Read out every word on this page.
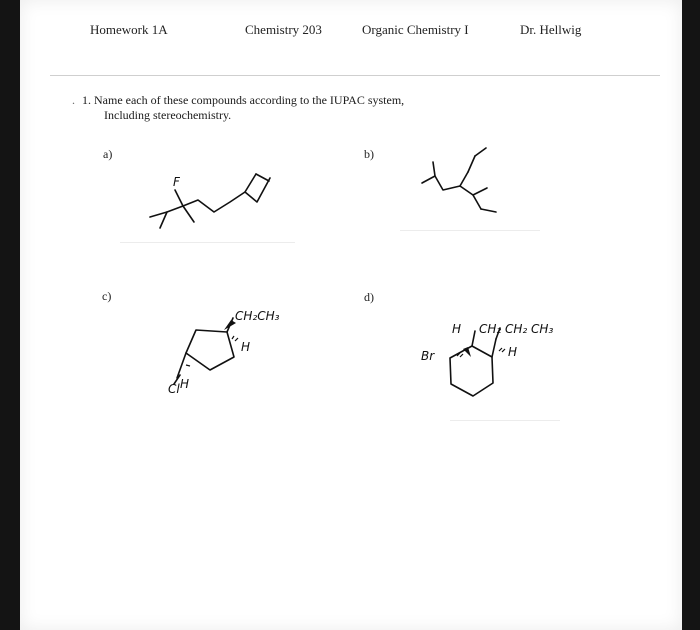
Homework 1A	Chemistry 203	Organic Chemistry I	Dr. Hellwig
. 1. Name each of these compounds according to the IUPAC system,
Including stereochemistry.
a)	b)
c)	d)
F
CH₂CH₃
H
Cl H
H CH₂ CH₂ CH₃
Br	H
